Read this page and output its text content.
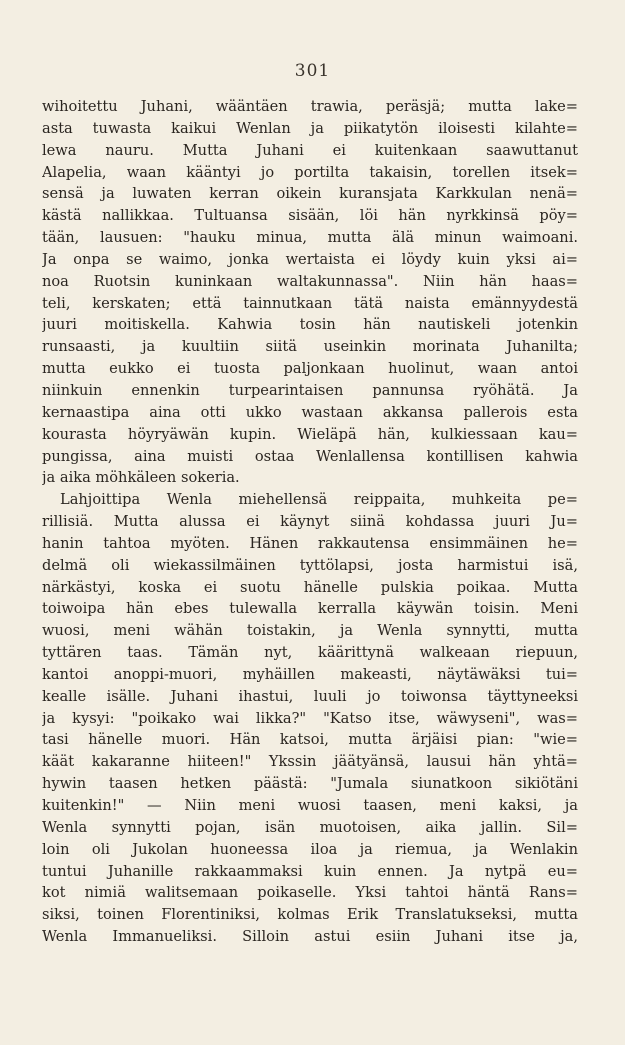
301
wihoitettu Juhani, wääntäen trawia, peräsjä; mutta lake=
asta tuwasta kaikui Wenlan ja piikatytön iloisesti kilahte=
lewa nauru. Mutta Juhani ei kuitenkaan saawuttanut
Alapelia, waan kääntyi jo portilta takaisin, torellen itsek=
sensä ja luwaten kerran oikein kuransjata Karkkulan nenä=
kästä nallikkaa. Tultuansa sisään, löi hän nyrkkinsä pöy=
tään, lausuen: "hauku minua, mutta älä minun waimoani.
Ja onpa se waimo, jonka wertaista ei löydy kuin yksi ai=
noa Ruotsin kuninkaan waltakunnassa". Niin hän haas=
teli, kerskaten; että tainnutkaan tätä naista emännyydestä
juuri moitiskella. Kahwia tosin hän nautiskeli jotenkin
runsaasti, ja kuultiin siitä useinkin morinata Juhanilta;
mutta eukko ei tuosta paljonkaan huolinut, waan antoi
niinkuin ennenkin turpearintaisen pannunsa ryöhätä. Ja
kernaastipa aina otti ukko wastaan akkansa pallerois esta
kourasta höyryäwän kupin. Wieläpä hän, kulkiessaan kau=
pungissa, aina muisti ostaa Wenlallensa kontillisen kahwia
ja aika möhkäleen sokeria.
Lahjoittipa Wenla miehellensä reippaita, muhkeita pe=
rillisiä. Mutta alussa ei käynyt siinä kohdassa juuri Ju=
hanin tahtoa myöten. Hänen rakkautensa ensimmäinen he=
delmä oli wiekassilmäinen tyttölapsi, josta harmistui isä,
närkästyi, koska ei suotu hänelle pulskia poikaa. Mutta
toiwoipa hän ebes tulewalla kerralla käywän toisin. Meni
wuosi, meni wähän toistakin, ja Wenla synnytti, mutta
tyttären taas. Tämän nyt, käärittynä walkeaan riepuun,
kantoi anoppi-muori, myhäillen makeasti, näytäwäksi tui=
kealle isälle. Juhani ihastui, luuli jo toiwonsa täyttyneeksi
ja kysyi: "poikako wai likka?" "Katso itse, wäwyseni", was=
tasi hänelle muori. Hän katsoi, mutta ärjäisi pian: "wie=
käät kakaranne hiiteen!" Ykssin jäätyänsä, lausui hän yhtä=
hywin taasen hetken päästä: "Jumala siunatkoon sikiötäni
kuitenkin!" — Niin meni wuosi taasen, meni kaksi, ja
Wenla synnytti pojan, isän muotoisen, aika jallin. Sil=
loin oli Jukolan huoneessa iloa ja riemua, ja Wenlakin
tuntui Juhanille rakkaammaksi kuin ennen. Ja nytpä eu=
kot nimiä walitsemaan poikaselle. Yksi tahtoi häntä Rans=
siksi, toinen Florentiniksi, kolmas Erik Translatukseksi, mutta
Wenla Immanueliksi. Silloin astui esiin Juhani itse ja,
